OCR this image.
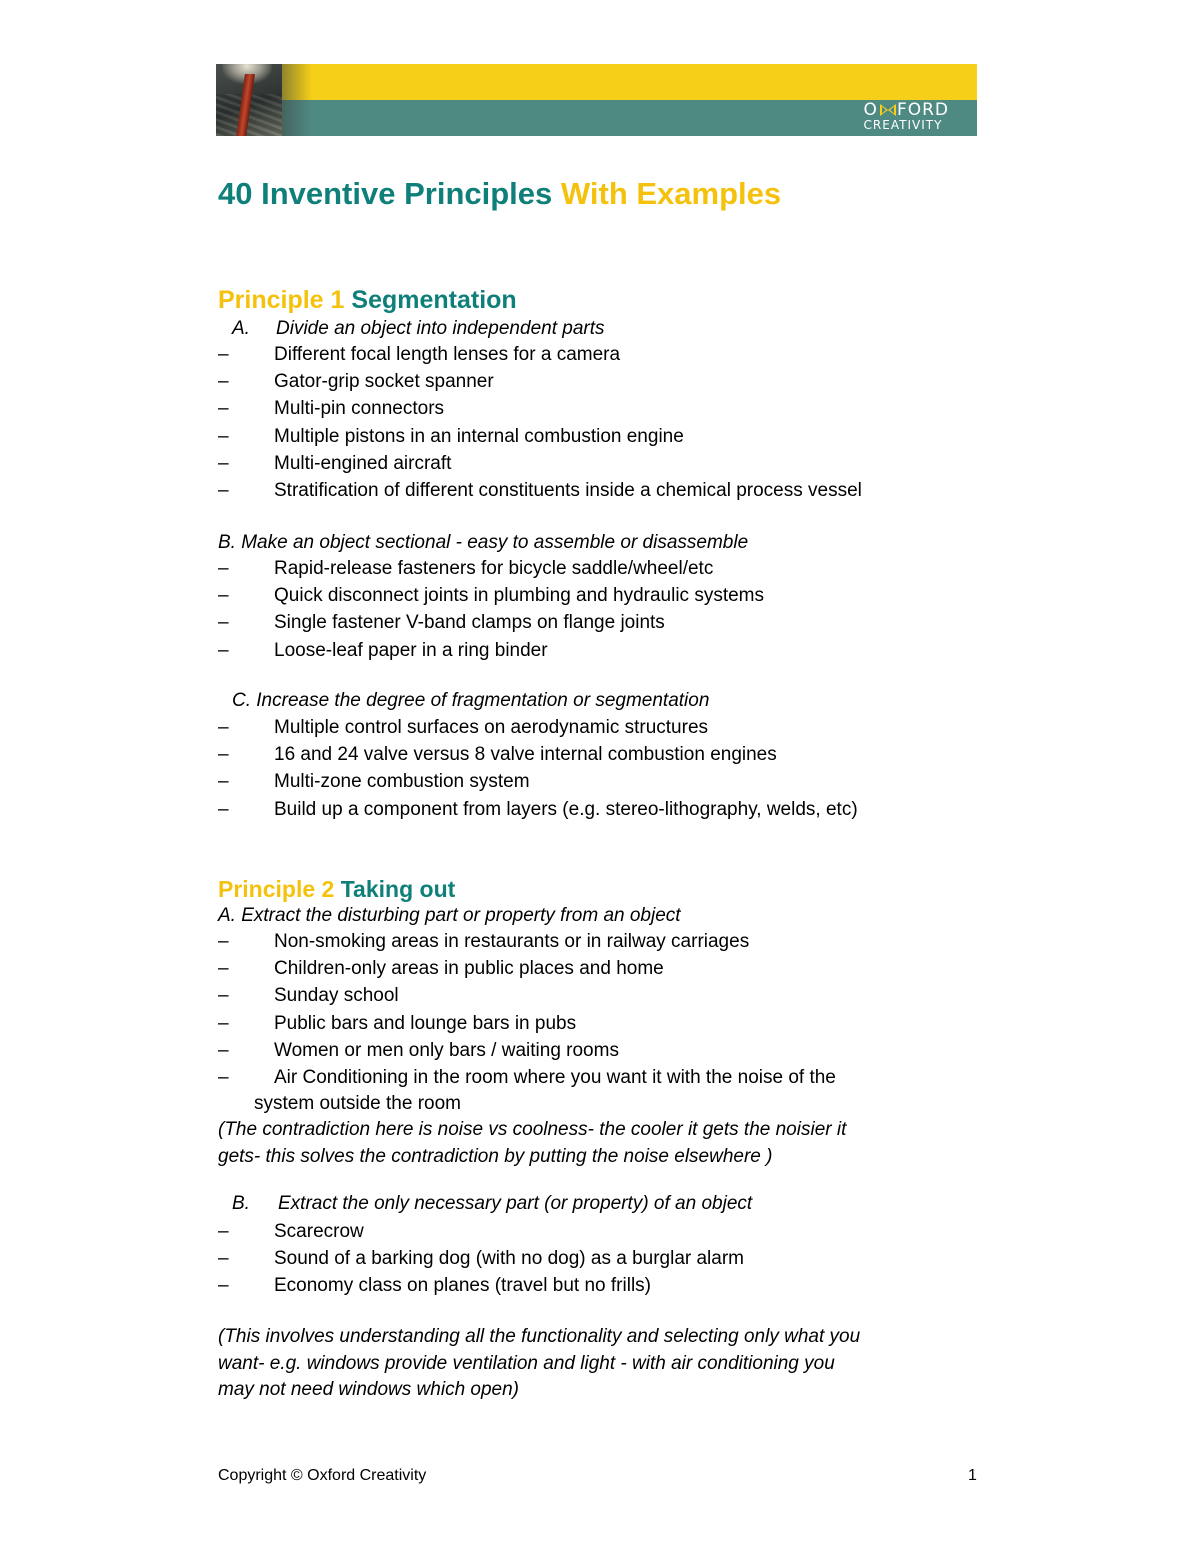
O FORD
CREATIVITY
40 Inventive Principles With Examples
Principle 1 Segmentation

A. Divide an object into independent parts

– Different focal length lenses for a camera
– Gator-grip socket spanner
– Multi-pin connectors
– Multiple pistons in an internal combustion engine
– Multi-engined aircraft
– Stratification of different constituents inside a chemical process vessel

B. Make an object sectional - easy to assemble or disassemble

– Rapid-release fasteners for bicycle saddle/wheel/etc
– Quick disconnect joints in plumbing and hydraulic systems
– Single fastener V-band clamps on flange joints
– Loose-leaf paper in a ring binder

C. Increase the degree of fragmentation or segmentation

– Multiple control surfaces on aerodynamic structures
– 16 and 24 valve versus 8 valve internal combustion engines
– Multi-zone combustion system
– Build up a component from layers (e.g. stereo-lithography, welds, etc)
Principle 2 Taking out

A. Extract the disturbing part or property from an object

– Non-smoking areas in restaurants or in railway carriages
– Children-only areas in public places and home
– Sunday school
– Public bars and lounge bars in pubs
– Women or men only bars / waiting rooms
– Air Conditioning in the room where you want it with the noise of the

system outside the room

(The contradiction here is noise vs coolness- the cooler it gets the noisier it
gets- this solves the contradiction by putting the noise elsewhere )

B. Extract the only necessary part (or property) of an object

– Scarecrow
– Sound of a barking dog (with no dog) as a burglar alarm
– Economy class on planes (travel but no frills)

(This involves understanding all the functionality and selecting only what you
want- e.g. windows provide ventilation and light - with air conditioning you
may not need windows which open)

Copyright © Oxford Creativity	1
